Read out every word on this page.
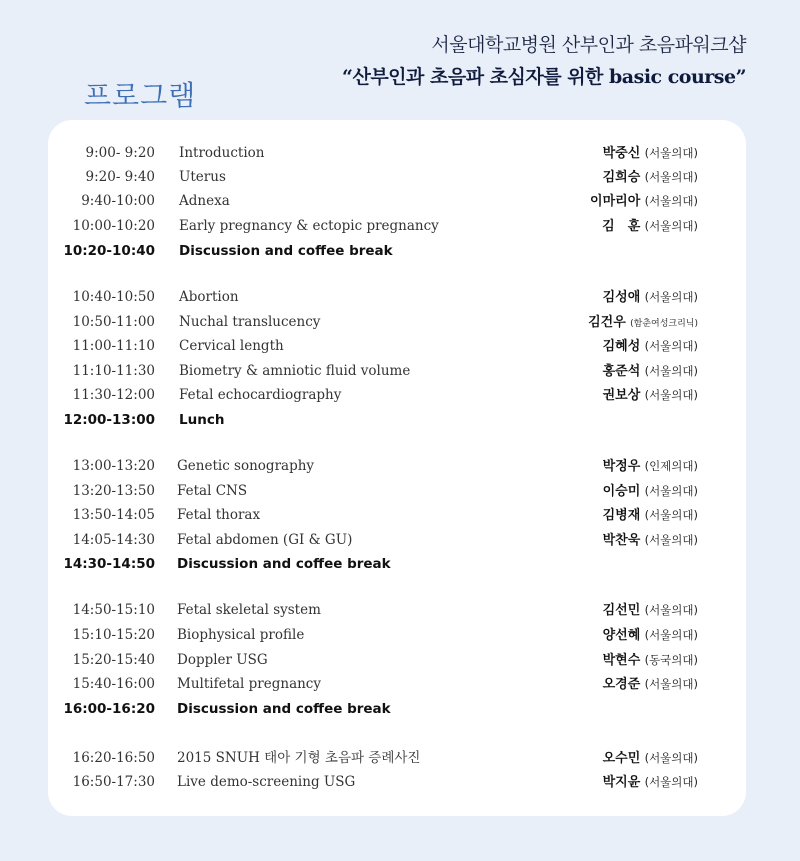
서울대학교병원 산부인과 초음파워크샵
“산부인과 초음파 초심자를 위한 basic course”
프로그램
9:00- 9:20 Introduction	박중신 (서울의대)
9:20- 9:40 Uterus	김희승 (서울의대)
9:40-10:00 Adnexa	이마리아 (서울의대)
10:00-10:20 Early pregnancy & ectopic pregnancy	김　훈 (서울의대)
10:20-10:40 Discussion and coffee break
10:40-10:50 Abortion	김성애 (서울의대)
10:50-11:00 Nuchal translucency	김건우 (함춘여성크리닉)
11:00-11:10 Cervical length	김혜성 (서울의대)
11:10-11:30 Biometry & amniotic fluid volume	홍준석 (서울의대)
11:30-12:00 Fetal echocardiography	권보상 (서울의대)
12:00-13:00 Lunch
13:00-13:20 Genetic sonography	박정우 (인제의대)
13:20-13:50 Fetal CNS	이승미 (서울의대)
13:50-14:05 Fetal thorax	김병재 (서울의대)
14:05-14:30 Fetal abdomen (GI & GU)	박찬욱 (서울의대)
14:30-14:50 Discussion and coffee break
14:50-15:10 Fetal skeletal system	김선민 (서울의대)
15:10-15:20 Biophysical profile	양선혜 (서울의대)
15:20-15:40 Doppler USG	박현수 (동국의대)
15:40-16:00 Multifetal pregnancy	오경준 (서울의대)
16:00-16:20 Discussion and coffee break
16:20-16:50 2015 SNUH 태아 기형 초음파 증례사진	오수민 (서울의대)
16:50-17:30 Live demo-screening USG	박지윤 (서울의대)
